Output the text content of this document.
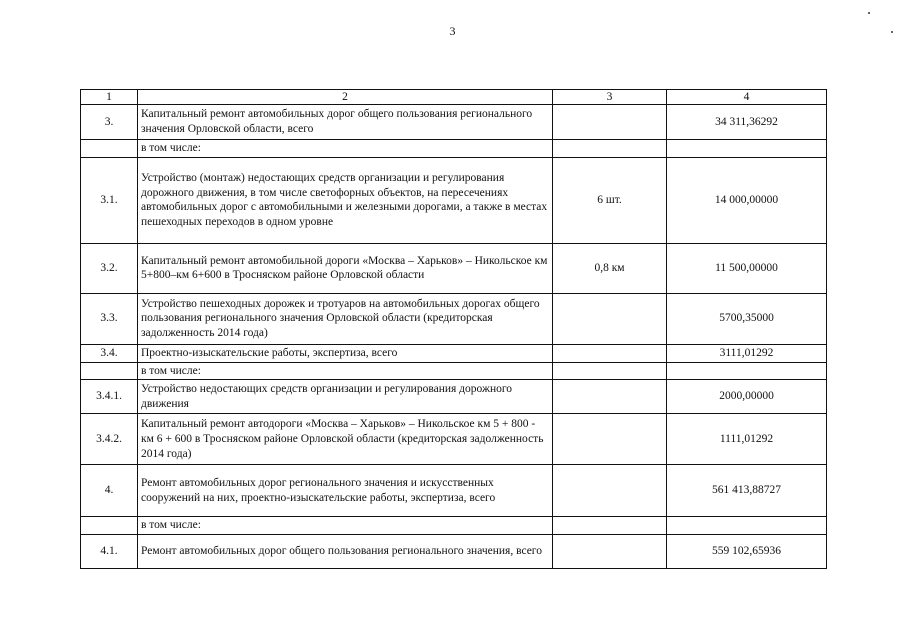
3
1	2	3	4
3.	Капитальный ремонт автомобильных дорог общего пользования регионального значения Орловской области, всего		34 311,36292
	в том числе:		
3.1.	Устройство (монтаж) недостающих средств организации и регулирования дорожного движения, в том числе светофорных объектов, на пересечениях автомобильных дорог с автомобильными и железными дорогами, а также в местах пешеходных переходов в одном уровне	6 шт.	14 000,00000
3.2.	Капитальный ремонт автомобильной дороги «Москва – Харьков» – Никольское км 5+800–км 6+600 в Тросняском районе Орловской области	0,8 км	11 500,00000
3.3.	Устройство пешеходных дорожек и тротуаров на автомобильных дорогах общего пользования регионального значения Орловской области (кредиторская задолженность 2014 года)		5700,35000
3.4.	Проектно-изыскательские работы, экспертиза, всего		3111,01292
	в том числе:		
3.4.1.	Устройство недостающих средств организации и регулирования дорожного движения		2000,00000
3.4.2.	Капитальный ремонт автодороги «Москва – Харьков» – Никольское км 5 + 800 - км 6 + 600 в Тросняском районе Орловской области (кредиторская задолженность 2014 года)		1111,01292
4.	Ремонт автомобильных дорог регионального значения и искусственных сооружений на них, проектно-изыскательские работы, экспертиза, всего		561 413,88727
	в том числе:		
4.1.	Ремонт автомобильных дорог общего пользования регионального значения, всего		559 102,65936
